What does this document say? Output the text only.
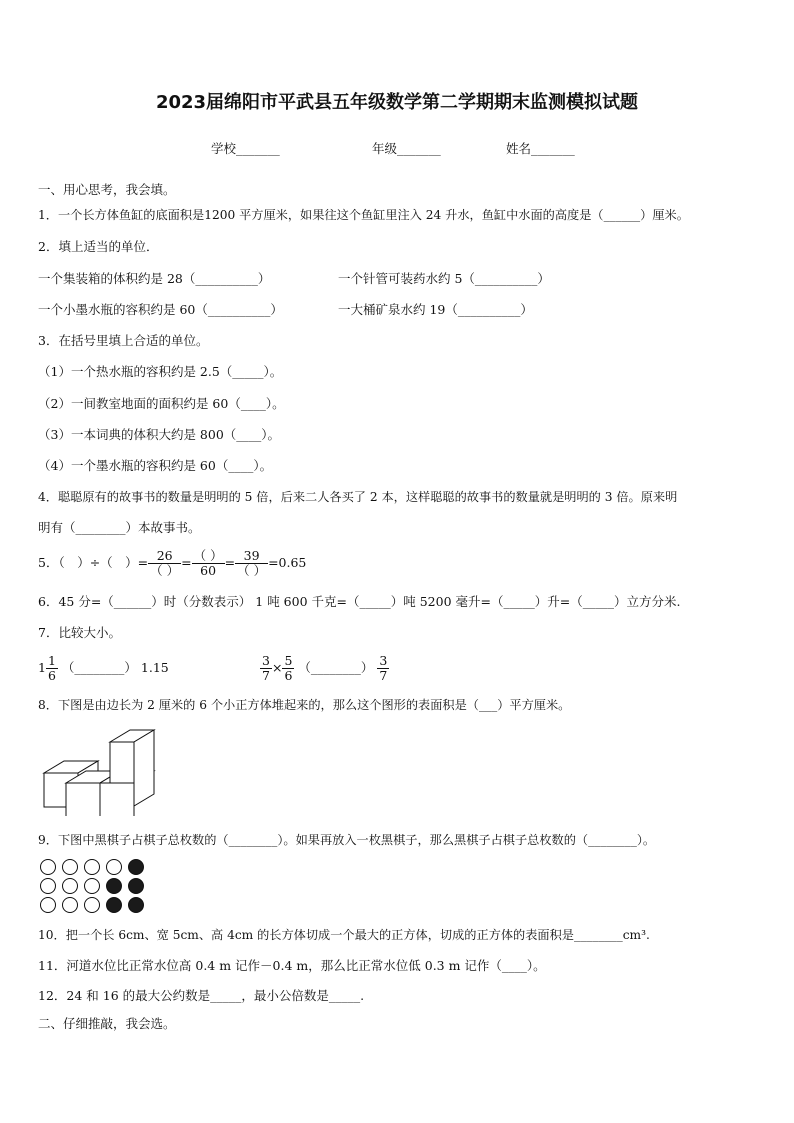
2023届绵阳市平武县五年级数学第二学期期末监测模拟试题
学校_______	年级_______	姓名_______
一、用心思考，我会填。
1．一个长方体鱼缸的底面积是1200 平方厘米，如果往这个鱼缸里注入 24 升水，鱼缸中水面的高度是（______）厘米。
2．填上适当的单位．
一个集装箱的体积约是 28（__________）	一个针管可装药水约 5（__________）
一个小墨水瓶的容积约是 60（__________）	一大桶矿泉水约 19（__________）
3．在括号里填上合适的单位。
（1）一个热水瓶的容积约是 2.5（_____）。
（2）一间教室地面的面积约是 60（____）。
（3）一本词典的体积大约是 800（____）。
（4）一个墨水瓶的容积约是 60（____）。
4．聪聪原有的故事书的数量是明明的 5 倍，后来二人各买了 2 本，这样聪聪的故事书的数量就是明明的 3 倍。原来明
明有（________）本故事书。
5．（　）÷（　）= $\frac{26}{( )} = \frac{( )}{60} = \frac{39}{( )} =0.65$
6．45 分=（______）时（分数表示） 1 吨 600 千克=（_____）吨 5200 毫升=（_____）升=（_____）立方分米.
7．比较大小。
$1 \frac{1}{6}$ （________） 1.15	$\frac{3}{7} \times \frac{5}{6}$ （________） $\frac{3}{7}$
8．下图是由边长为 2 厘米的 6 个小正方体堆起来的，那么这个图形的表面积是（___）平方厘米。
9．下图中黑棋子占棋子总枚数的（________）。如果再放入一枚黑棋子，那么黑棋子占棋子总枚数的（________）。
10．把一个长 6cm、宽 5cm、高 4cm 的长方体切成一个最大的正方体，切成的正方体的表面积是________cm³.
11．河道水位比正常水位高 0.4 m 记作－0.4 m，那么比正常水位低 0.3 m 记作（____）。
12．24 和 16 的最大公约数是_____，最小公倍数是_____.
二、仔细推敲，我会选。
